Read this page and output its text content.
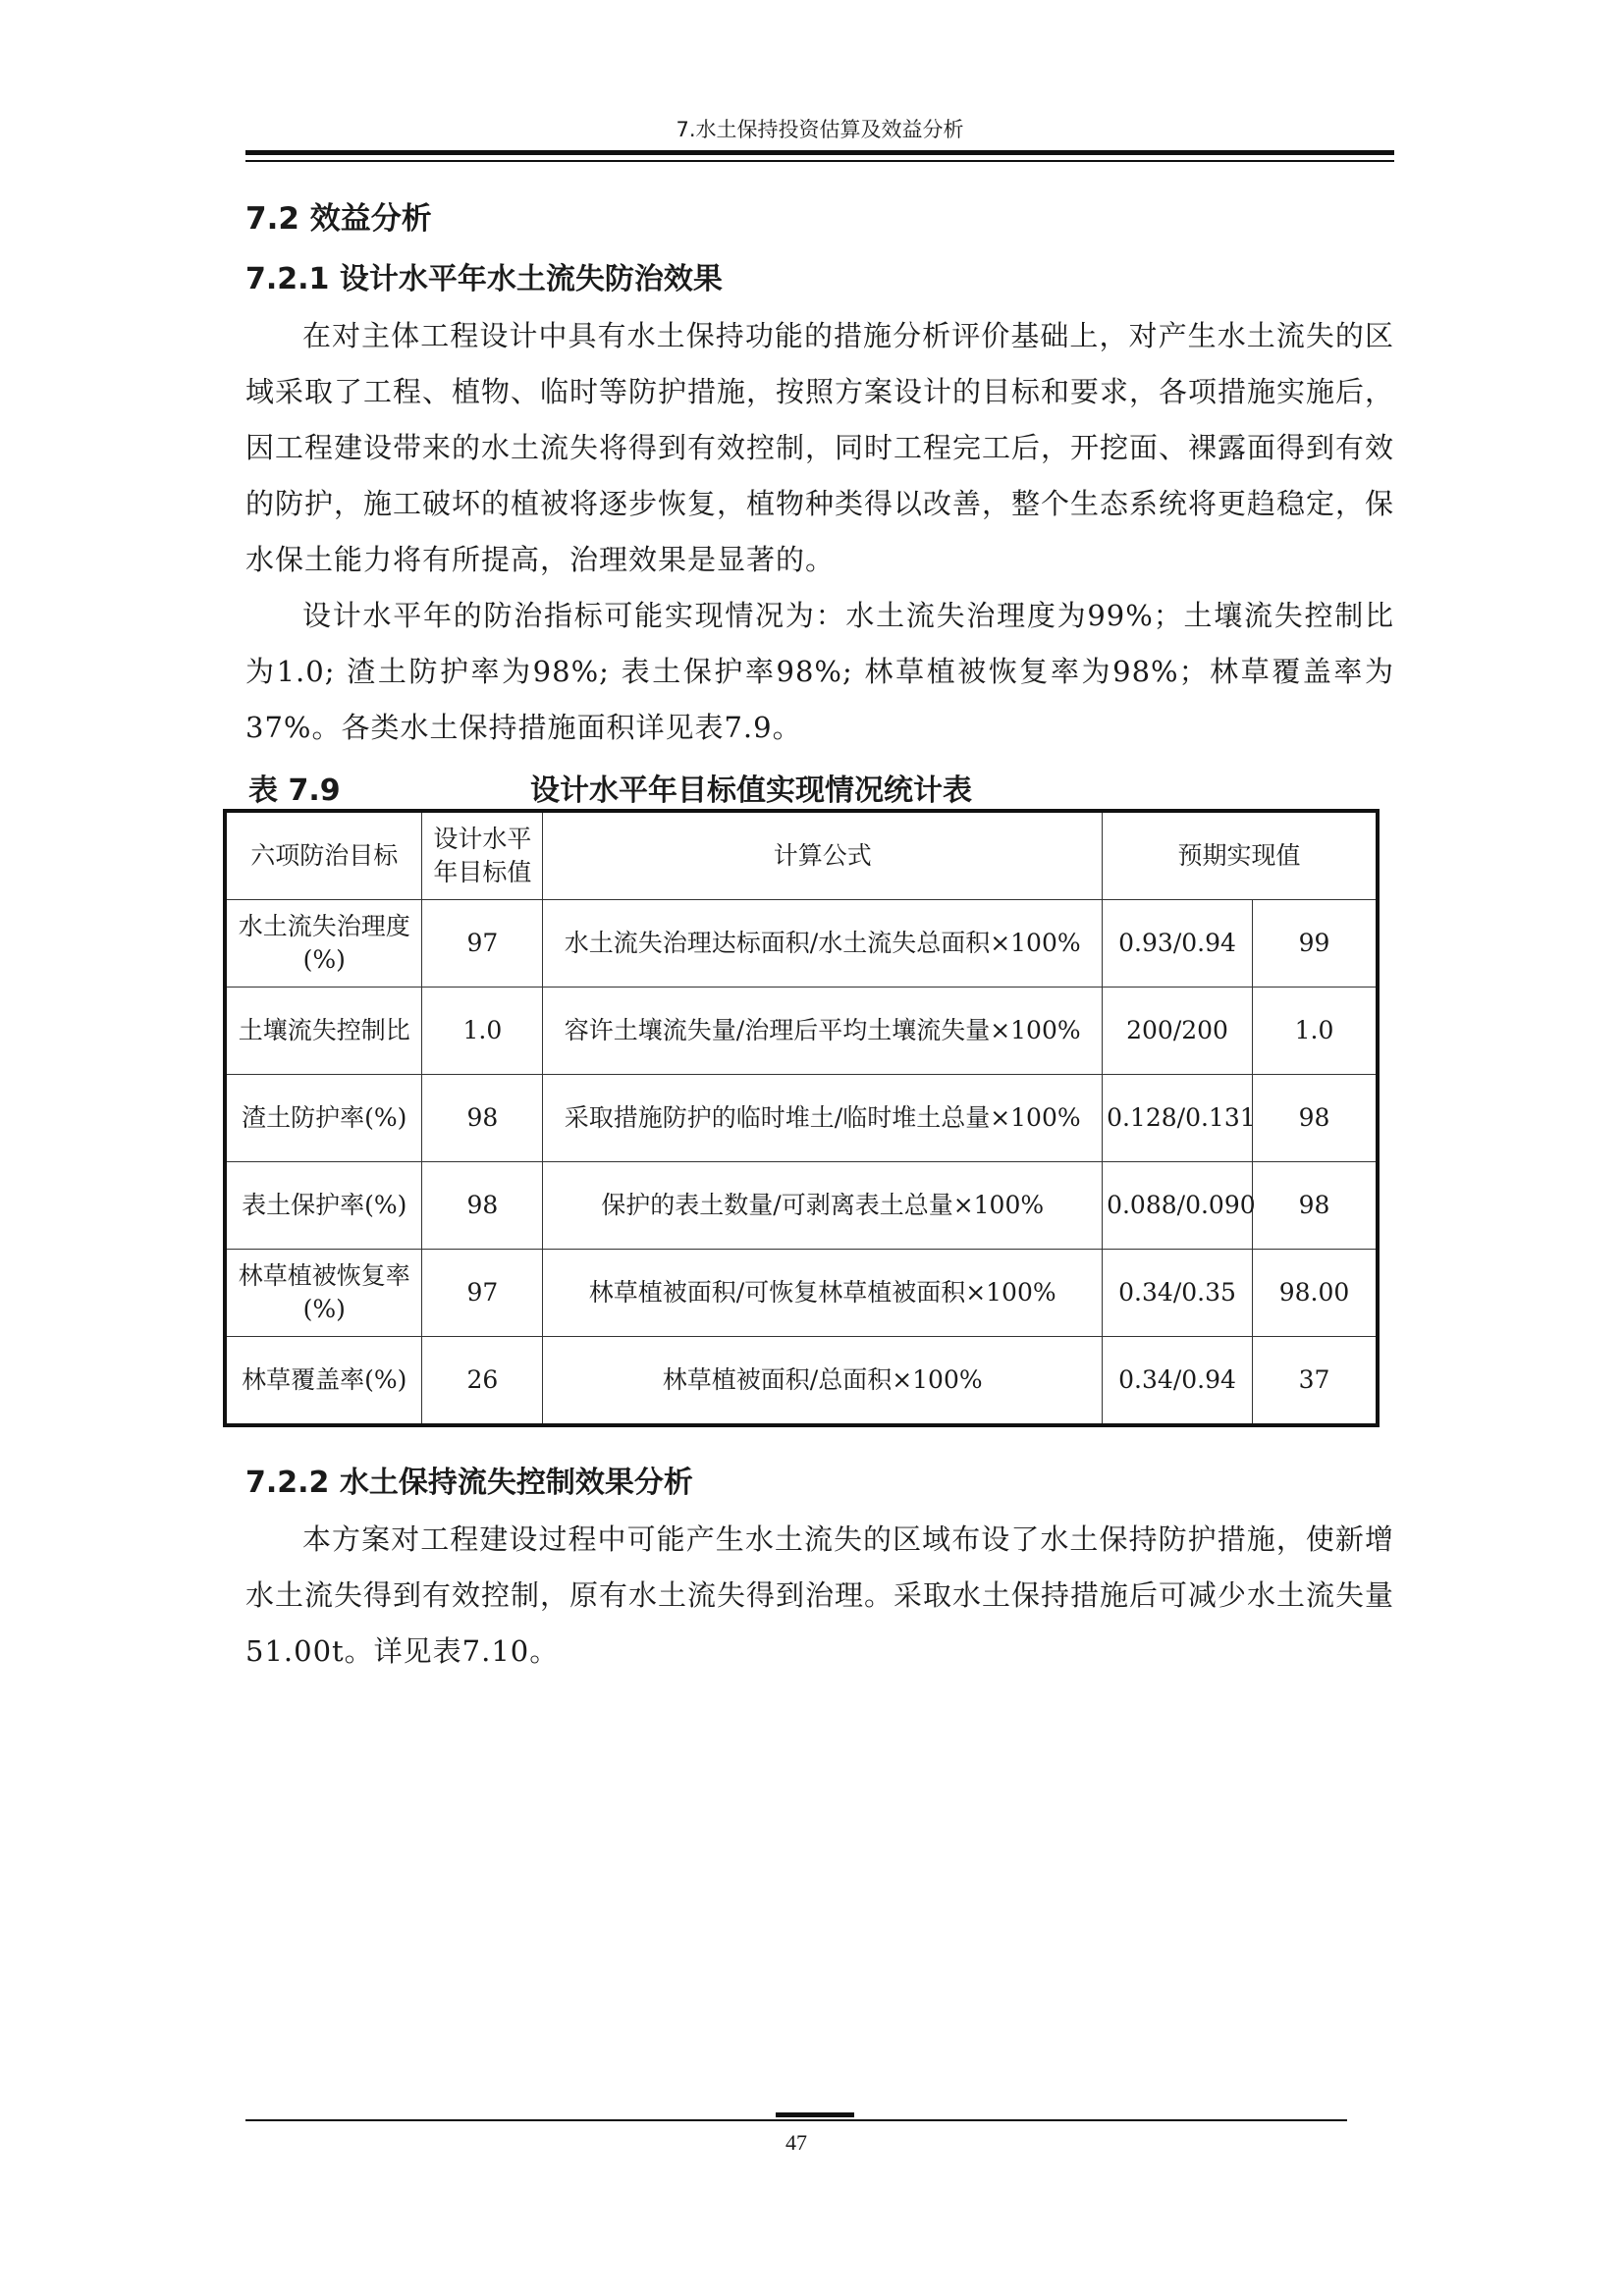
7.水土保持投资估算及效益分析
7.2 效益分析
7.2.1 设计水平年水土流失防治效果

在对主体工程设计中具有水土保持功能的措施分析评价基础上，对产生水土流失的区域采取了工程、植物、临时等防护措施，按照方案设计的目标和要求，各项措施实施后，因工程建设带来的水土流失将得到有效控制，同时工程完工后，开挖面、裸露面得到有效的防护，施工破坏的植被将逐步恢复，植物种类得以改善，整个生态系统将更趋稳定，保水保土能力将有所提高，治理效果是显著的。

设计水平年的防治指标可能实现情况为：水土流失治理度为99%；土壤流失控制比为1.0; 渣土防护率为98%; 表土保护率98%; 林草植被恢复率为98%；林草覆盖率为37%。各类水土保持措施面积详见表7.9。

表 7.9	设计水平年目标值实现情况统计表
六项防治目标	设计水平年目标值	计算公式	预期实现值	
水土流失治理度(%)	97	水土流失治理达标面积/水土流失总面积×100%	0.93/0.94	99
土壤流失控制比	1.0	容许土壤流失量/治理后平均土壤流失量×100%	200/200	1.0
渣土防护率(%)	98	采取措施防护的临时堆土/临时堆土总量×100%	0.128/0.131	98
表土保护率(%)	98	保护的表土数量/可剥离表土总量×100%	0.088/0.090	98
林草植被恢复率(%)	97	林草植被面积/可恢复林草植被面积×100%	0.34/0.35	98.00
林草覆盖率(%)	26	林草植被面积/总面积×100%	0.34/0.94	37
7.2.2 水土保持流失控制效果分析

本方案对工程建设过程中可能产生水土流失的区域布设了水土保持防护措施，使新增水土流失得到有效控制，原有水土流失得到治理。采取水土保持措施后可减少水土流失量51.00t。详见表7.10。

47
